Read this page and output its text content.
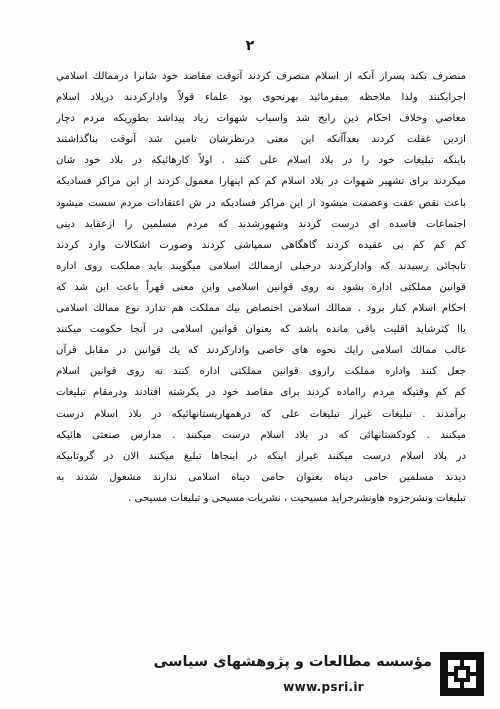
۲
منصرف بكند پسراز آنكه از اسلام منصرف كردند آنوقت مقاصد خود شانرا درممالك اسلامي
اجرابكنند ولذا ملاحظه ميفرمائيد بهرنحوى بود علماء قولاً واداركردند درپلاد اسلام
معاصي وخلاف احكام دين رايج شد واسباب شهوات زياد پيداشد بطوريكه مردم دچار
ازدين غفلت كردند بعداًآنكه اين معنى درنظرشان تامين شد آنوقت بناگذاشتند
باينكه تبليغات خود را در بلاد اسلام على كنند . اولاً كارهائيكه در بلاد خود شان
ميكردند براى تشهير شهوات در بلاد اسلام كم كم اينهارا معمول كردند از اين مراكز فساديكه
باعث نقص عفت وعصمت ميشود از اين مراكز فساديكه در ش اعتقادات مردم سست ميشود
اجتماعات فاسده اى درست كردند وشهورشدند كه مردم مسلمين را ازعقايد دينى
كم كم كم بى عقيده كردند گاهگاهى سمپاشى كردند وصورت اشكالات وارد كردند
تابجائى رسيدند كه واداركردند درخيلى ازممالك اسلامى ميگويند بايد مملكت روى اداره
قوانين مملكتى اداره بشود نه روى قوانين اسلامى واين معنى قهراً باعث اين شد كه
احكام اسلام كنار برود . ممالك اسلامى اختصاص بيك مملكت هم ندارد نوع ممالك اسلامى
ياا كثرشايد اقليت باقى مانده باشد كه بعنوان قوانين اسلامى در آنجا حكومت ميكنند
غالب ممالك اسلامى رايك نحوه هاى خاصى واداركردند كه يك قوانين در مقابل قرآن
جعل كنند واداره مملكت راروى قوانين مملكتى اداره كنند نه روى قوانين اسلام
كم كم وقتيكه مردم رااماده كردند براى مقاصد خود در يكرشته افتادند ودرمقام تبليغات
برآمدند . تبليغات غيراز تبليغات على كه درهمهاريستانهائيكه در بلاد اسلام درست
ميكنند . كودكستانهائى كه در بلاد اسلام درست ميكنند . مدارس صنعتى هائيكه
در بلاد اسلام درست ميكنند غيراز اينكه در اينجاها تبليغ ميكنند الان در گروتابيكه
ديدند مسلمين حامى ديناه بعنوان حامى ديناه اسلامى ندارند مشغول شدند به
تبليغات ونشرجزوه هاونشرجرايد مسيحيت ، نشريات مسيحى و تبليغات مسيحى .
مؤسسه مطالعات و پژوهشهای سیاسی
www.psri.ir
